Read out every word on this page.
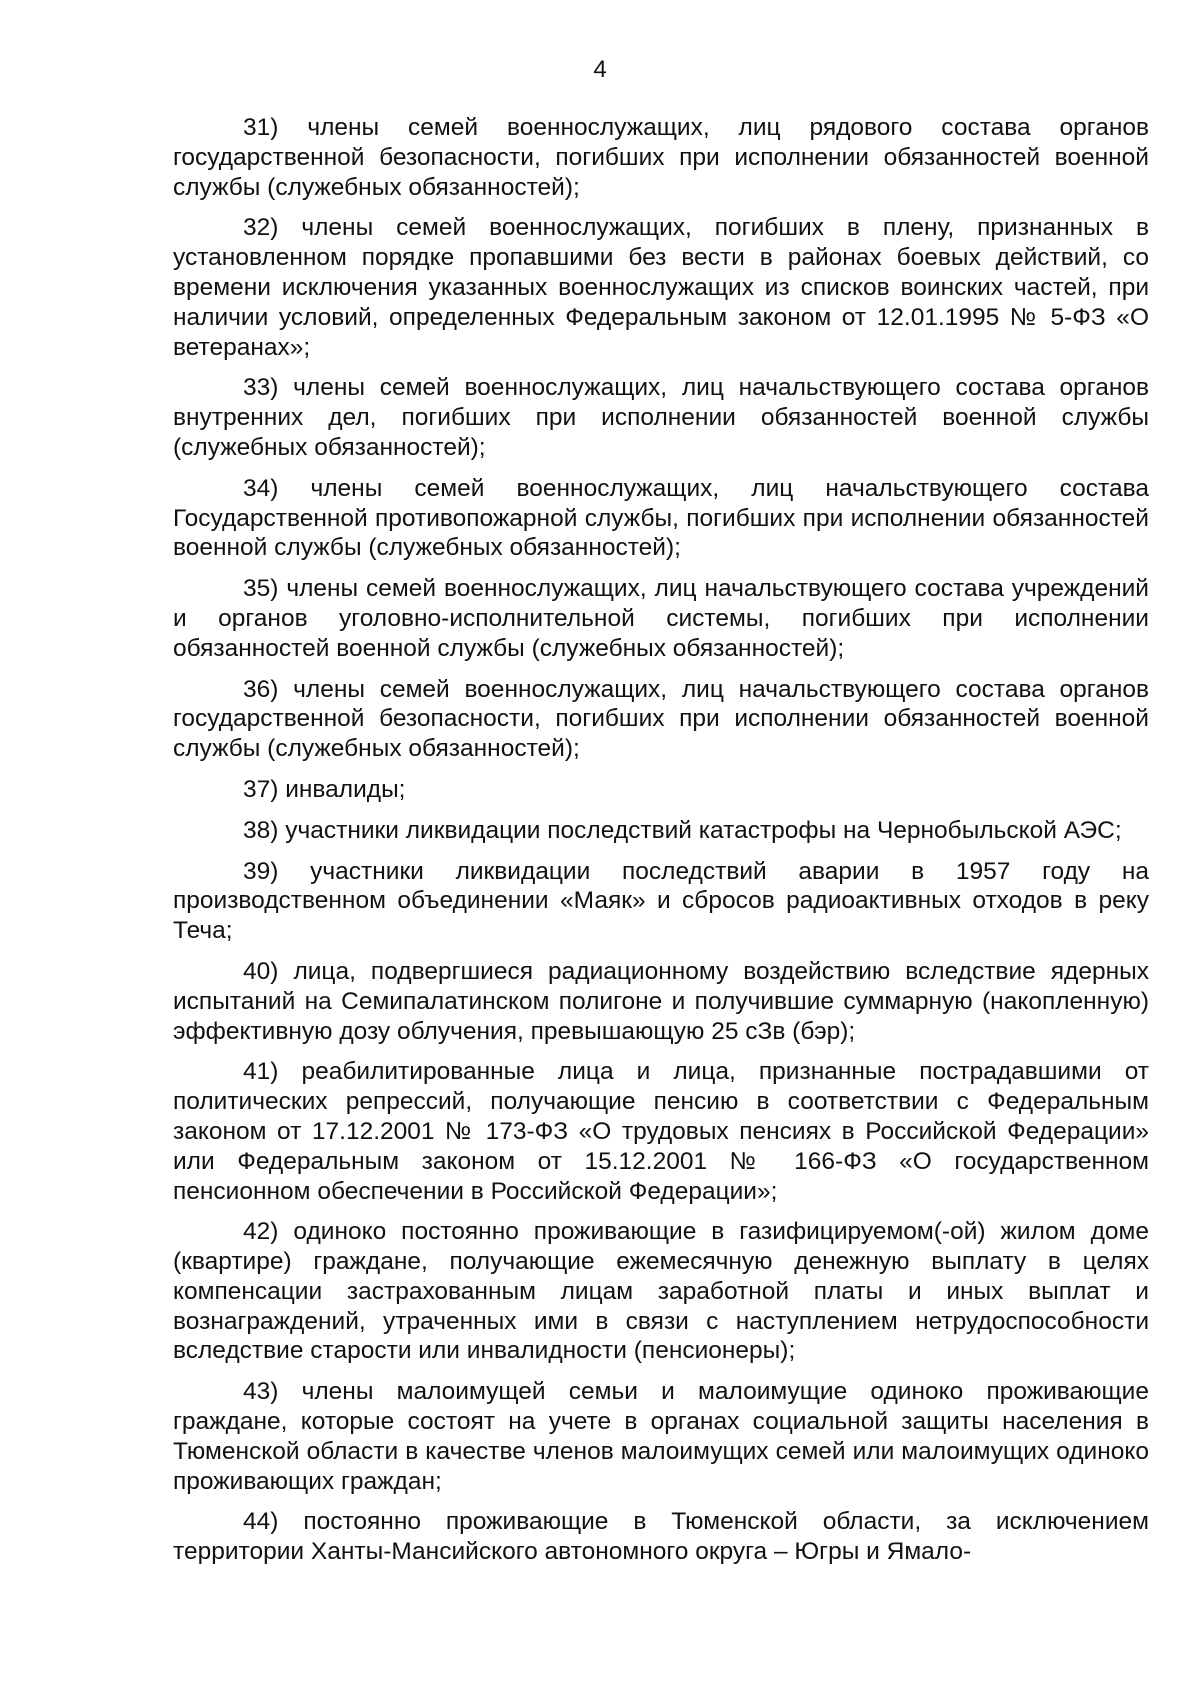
4

31) члены семей военнослужащих, лиц рядового состава органов государственной безопасности, погибших при исполнении обязанностей военной службы (служебных обязанностей);

32) члены семей военнослужащих, погибших в плену, признанных в установленном порядке пропавшими без вести в районах боевых действий, со времени исключения указанных военнослужащих из списков воинских частей, при наличии условий, определенных Федеральным законом от 12.01.1995 № 5-ФЗ «О ветеранах»;

33) члены семей военнослужащих, лиц начальствующего состава органов внутренних дел, погибших при исполнении обязанностей военной службы (служебных обязанностей);

34) члены семей военнослужащих, лиц начальствующего состава Государственной противопожарной службы, погибших при исполнении обязанностей военной службы (служебных обязанностей);

35) члены семей военнослужащих, лиц начальствующего состава учреждений и органов уголовно-исполнительной системы, погибших при исполнении обязанностей военной службы (служебных обязанностей);

36) члены семей военнослужащих, лиц начальствующего состава органов государственной безопасности, погибших при исполнении обязанностей военной службы (служебных обязанностей);

37) инвалиды;

38) участники ликвидации последствий катастрофы на Чернобыльской АЭС;

39) участники ликвидации последствий аварии в 1957 году на производственном объединении «Маяк» и сбросов радиоактивных отходов в реку Теча;

40) лица, подвергшиеся радиационному воздействию вследствие ядерных испытаний на Семипалатинском полигоне и получившие суммарную (накопленную) эффективную дозу облучения, превышающую 25 сЗв (бэр);

41) реабилитированные лица и лица, признанные пострадавшими от политических репрессий, получающие пенсию в соответствии с Федеральным законом от 17.12.2001 № 173-ФЗ «О трудовых пенсиях в Российской Федерации» или Федеральным законом от 15.12.2001 № 166-ФЗ «О государственном пенсионном обеспечении в Российской Федерации»;

42) одиноко постоянно проживающие в газифицируемом(-ой) жилом доме (квартире) граждане, получающие ежемесячную денежную выплату в целях компенсации застрахованным лицам заработной платы и иных выплат и вознаграждений, утраченных ими в связи с наступлением нетрудоспособности вследствие старости или инвалидности (пенсионеры);

43) члены малоимущей семьи и малоимущие одиноко проживающие граждане, которые состоят на учете в органах социальной защиты населения в Тюменской области в качестве членов малоимущих семей или малоимущих одиноко проживающих граждан;

44) постоянно проживающие в Тюменской области, за исключением территории Ханты-Мансийского автономного округа – Югры и Ямало-
